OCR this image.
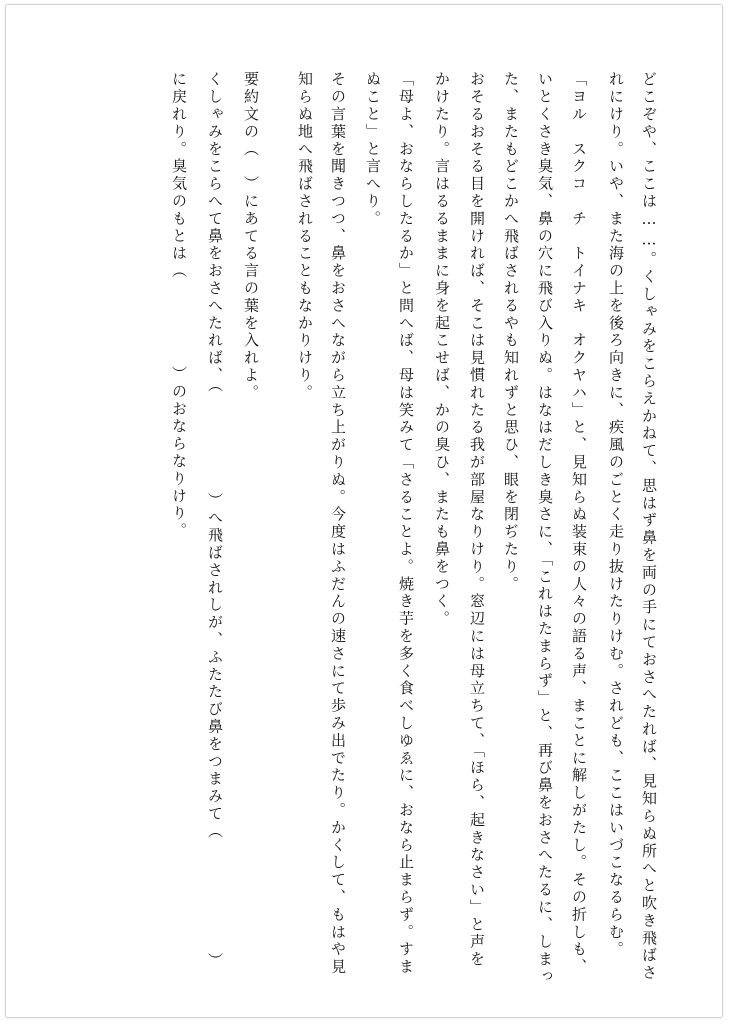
どこぞや、ここは……。くしゃみをこらえかねて、思はず鼻を両の手にておさへたれば、見知らぬ所へと吹き飛ばさ
れにけり。いや、また海の上を後ろ向きに、疾風のごとく走り抜けたりけむ。されども、ここはいづこなるらむ。
「ヨル　スクコ　チ　トイナキ　オクヤハ」と、見知らぬ装束の人々の語る声、まことに解しがたし。その折しも、
いとくさき臭気、鼻の穴に飛び入りぬ。はなはだしき臭さに、「これはたまらず」と、再び鼻をおさへたるに、しまっ
た、またもどこかへ飛ばされるやも知れずと思ひ、眼を閉ぢたり。
おそるおそる目を開ければ、そこは見慣れたる我が部屋なりけり。窓辺には母立ちて、「ほら、起きなさい」と声を
かけたり。言はるるままに身を起こせば、かの臭ひ、またも鼻をつく。
「母よ、おならしたるか」と問へば、母は笑みて「さることよ。焼き芋を多く食べしゆゑに、おなら止まらず。すま
ぬこと」と言へり。
その言葉を聞きつつ、鼻をおさへながら立ち上がりぬ。今度はふだんの速さにて歩み出でたり。かくして、もはや見
知らぬ地へ飛ばされることもなかりけり。
要約文の（　）にあてる言の葉を入れよ。
くしゃみをこらへて鼻をおさへたれば、（）へ飛ばされしが、ふたたび鼻をつまみて（）
に戻れり。臭気のもとは（）のおならなりけり。
